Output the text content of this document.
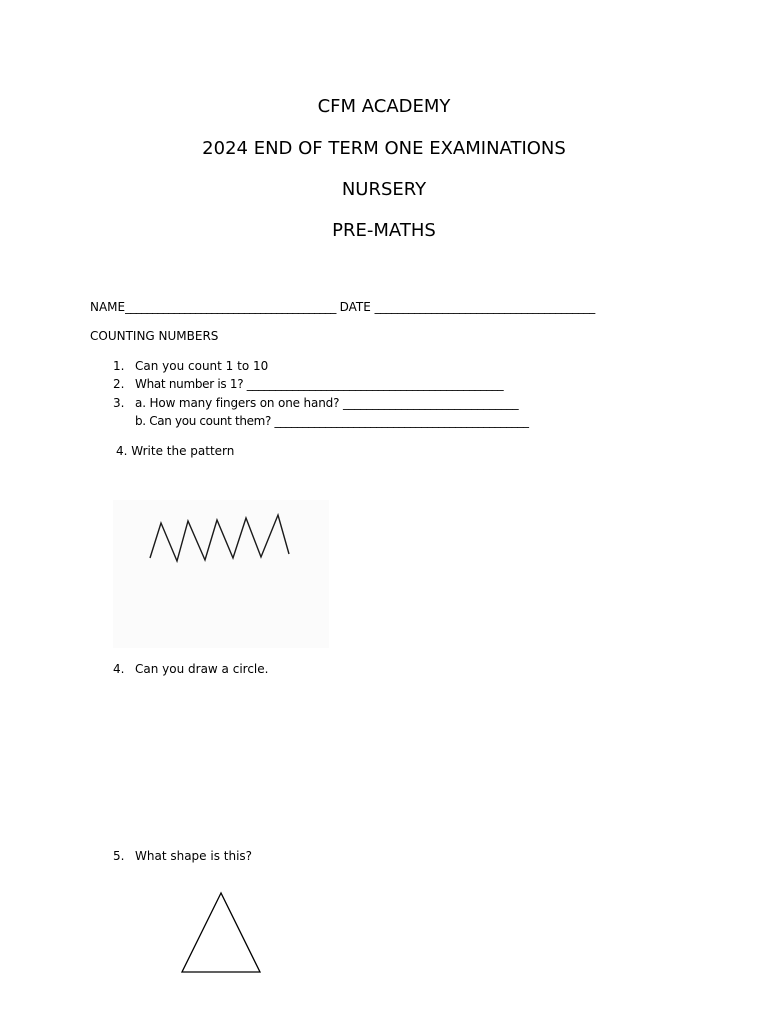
CFM ACADEMY
2024 END OF TERM ONE EXAMINATIONS
NURSERY
PRE-MATHS
NAME_______________________________________ DATE _______________________________________
COUNTING NUMBERS
1. Can you count 1 to 10
2. What number is 1? _____________________________________________
3. a. How many fingers on one hand? ______________________________
b. Can you count them? _____________________________________________
4. Write the pattern
4. Can you draw a circle.
5. What shape is this?
